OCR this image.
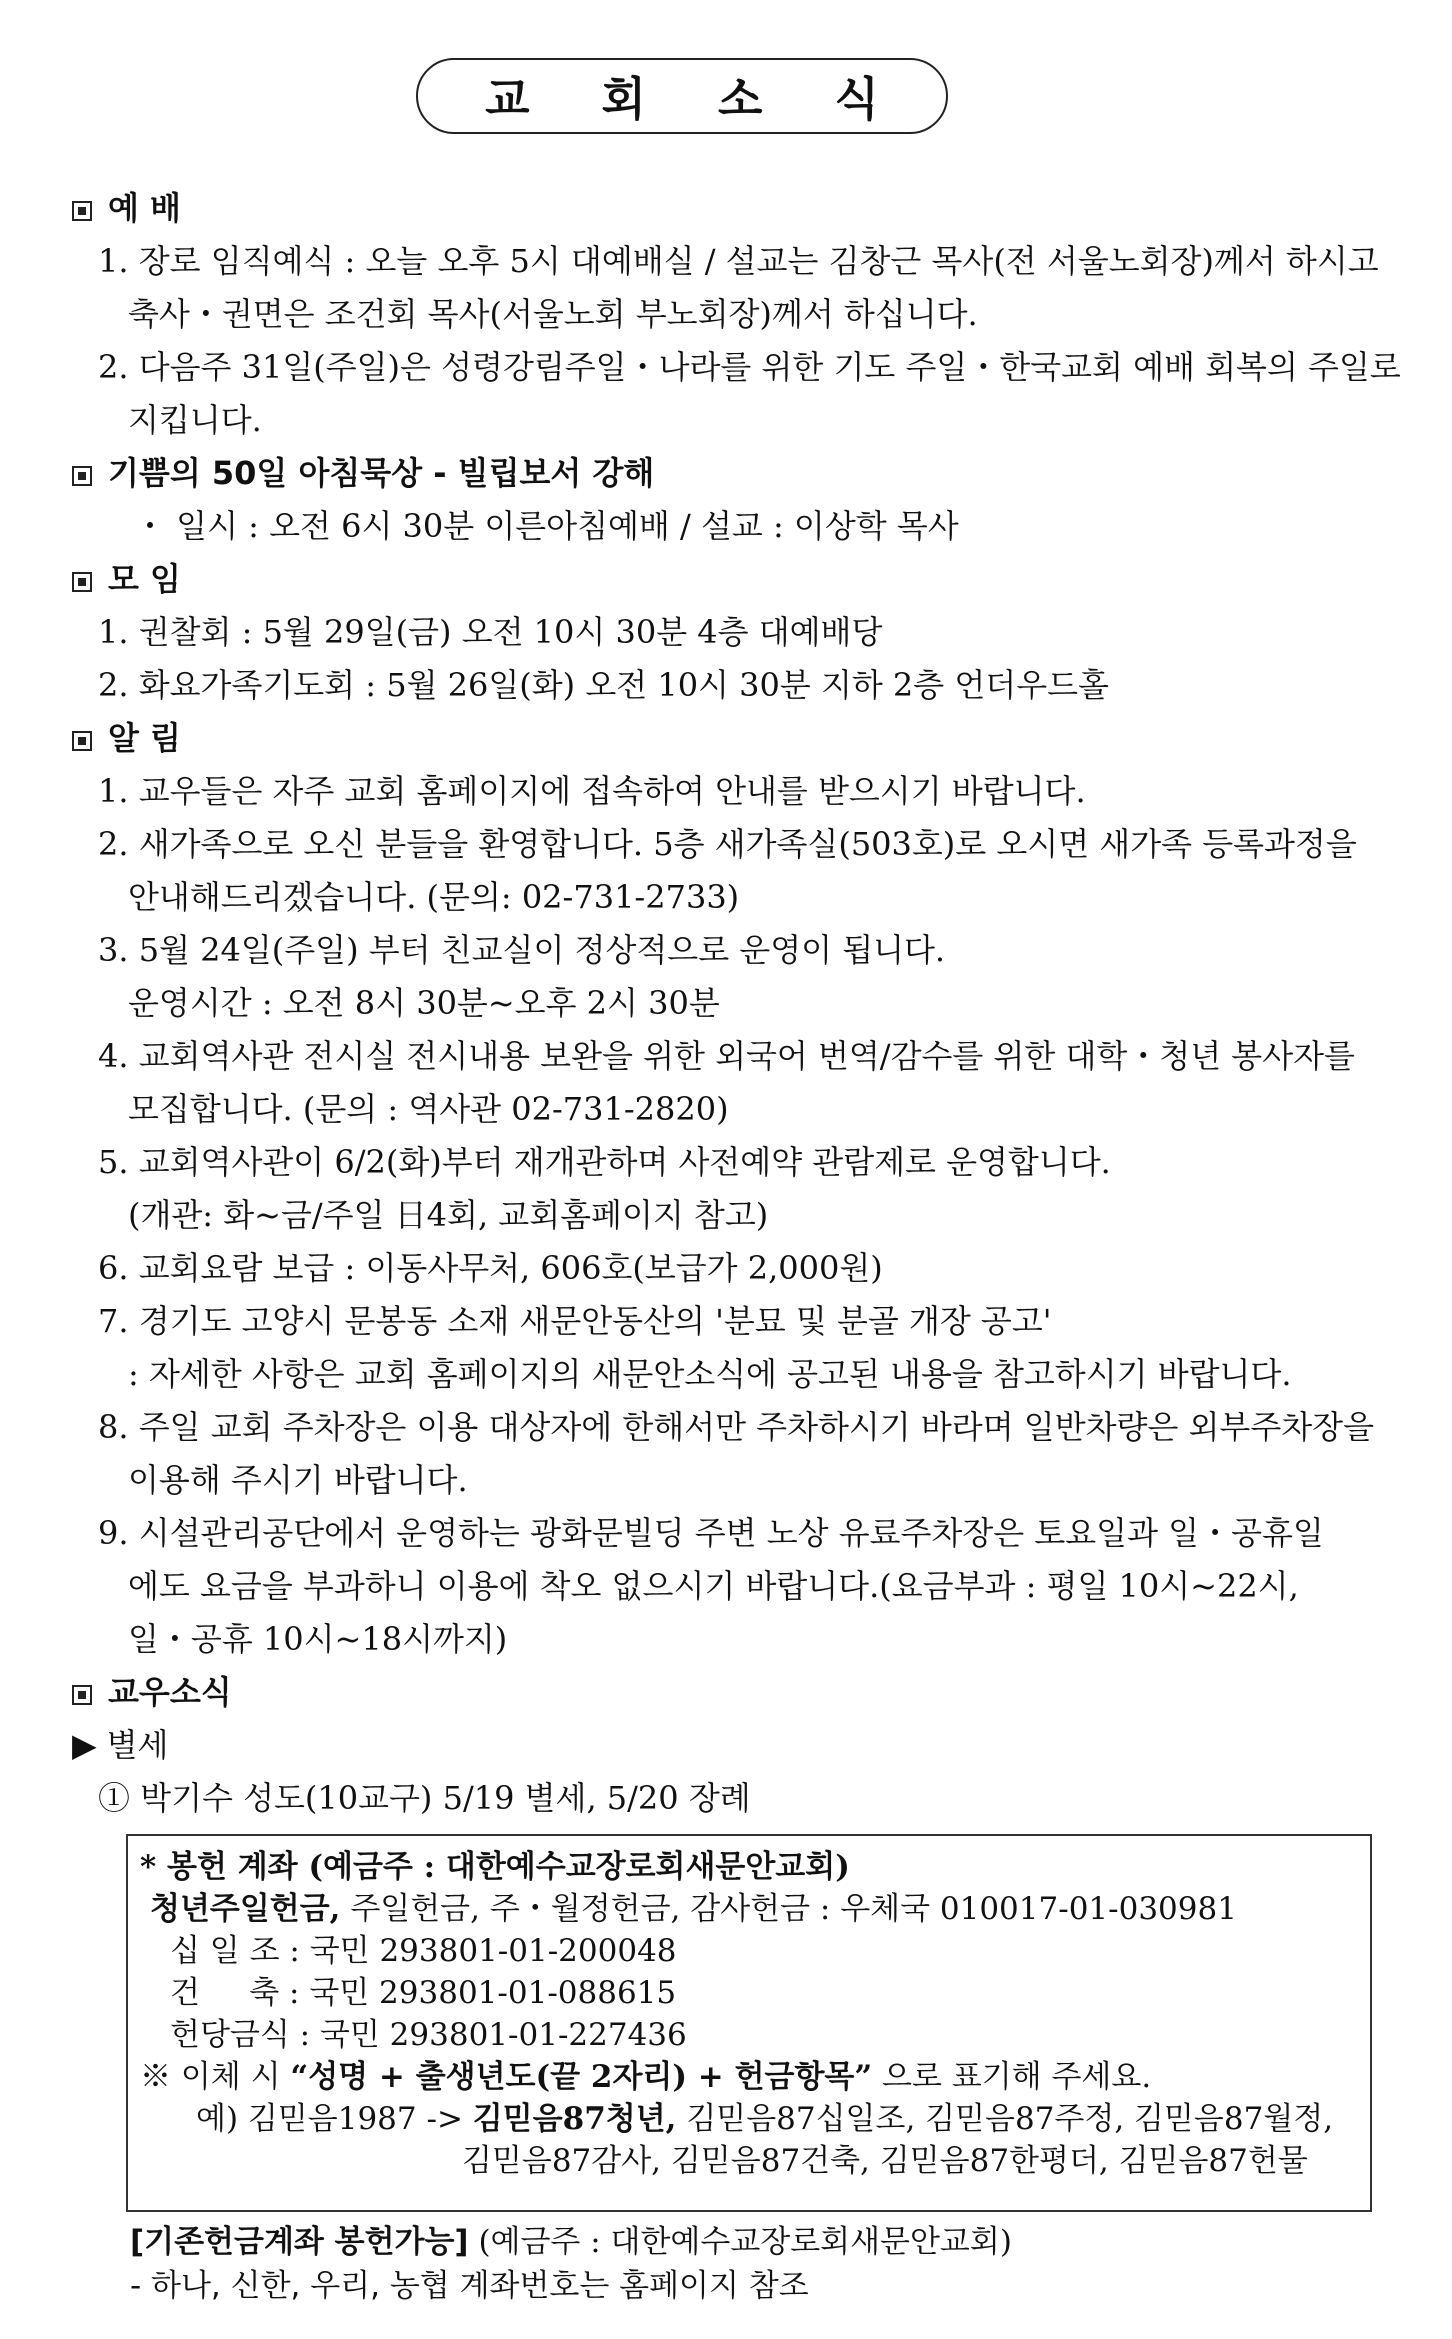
교 회 소 식
예 배
1. 장로 임직예식 : 오늘 오후 5시 대예배실 / 설교는 김창근 목사(전 서울노회장)께서 하시고
축사・권면은 조건회 목사(서울노회 부노회장)께서 하십니다.
2. 다음주 31일(주일)은 성령강림주일・나라를 위한 기도 주일・한국교회 예배 회복의 주일로
지킵니다.
기쁨의 50일 아침묵상 - 빌립보서 강해
・ 일시 : 오전 6시 30분 이른아침예배 / 설교 : 이상학 목사
모 임
1. 권찰회 : 5월 29일(금) 오전 10시 30분 4층 대예배당
2. 화요가족기도회 : 5월 26일(화) 오전 10시 30분 지하 2층 언더우드홀
알 림
1. 교우들은 자주 교회 홈페이지에 접속하여 안내를 받으시기 바랍니다.
2. 새가족으로 오신 분들을 환영합니다. 5층 새가족실(503호)로 오시면 새가족 등록과정을
안내해드리겠습니다. (문의: 02-731-2733)
3. 5월 24일(주일) 부터 친교실이 정상적으로 운영이 됩니다.
운영시간 : 오전 8시 30분~오후 2시 30분
4. 교회역사관 전시실 전시내용 보완을 위한 외국어 번역/감수를 위한 대학・청년 봉사자를
모집합니다. (문의 : 역사관 02-731-2820)
5. 교회역사관이 6/2(화)부터 재개관하며 사전예약 관람제로 운영합니다.
(개관: 화~금/주일 日4회, 교회홈페이지 참고)
6. 교회요람 보급 : 이동사무처, 606호(보급가 2,000원)
7. 경기도 고양시 문봉동 소재 새문안동산의 '분묘 및 분골 개장 공고'
: 자세한 사항은 교회 홈페이지의 새문안소식에 공고된 내용을 참고하시기 바랍니다.
8. 주일 교회 주차장은 이용 대상자에 한해서만 주차하시기 바라며 일반차량은 외부주차장을
이용해 주시기 바랍니다.
9. 시설관리공단에서 운영하는 광화문빌딩 주변 노상 유료주차장은 토요일과 일・공휴일
에도 요금을 부과하니 이용에 착오 없으시기 바랍니다.(요금부과 : 평일 10시~22시,
일・공휴 10시~18시까지)
교우소식
▶ 별세
① 박기수 성도(10교구) 5/19 별세, 5/20 장례
* 봉헌 계좌 (예금주 : 대한예수교장로회새문안교회)
청년주일헌금, 주일헌금, 주・월정헌금, 감사헌금 : 우체국 010017-01-030981
십 일 조 : 국민 293801-01-200048
건     축 : 국민 293801-01-088615
헌당금식 : 국민 293801-01-227436
※ 이체 시 “성명 + 출생년도(끝 2자리) + 헌금항목” 으로 표기해 주세요.
예) 김믿음1987 -> 김믿음87청년, 김믿음87십일조, 김믿음87주정, 김믿음87월정,
김믿음87감사, 김믿음87건축, 김믿음87한평더, 김믿음87헌물
[기존헌금계좌 봉헌가능] (예금주 : 대한예수교장로회새문안교회)
- 하나, 신한, 우리, 농협 계좌번호는 홈페이지 참조
